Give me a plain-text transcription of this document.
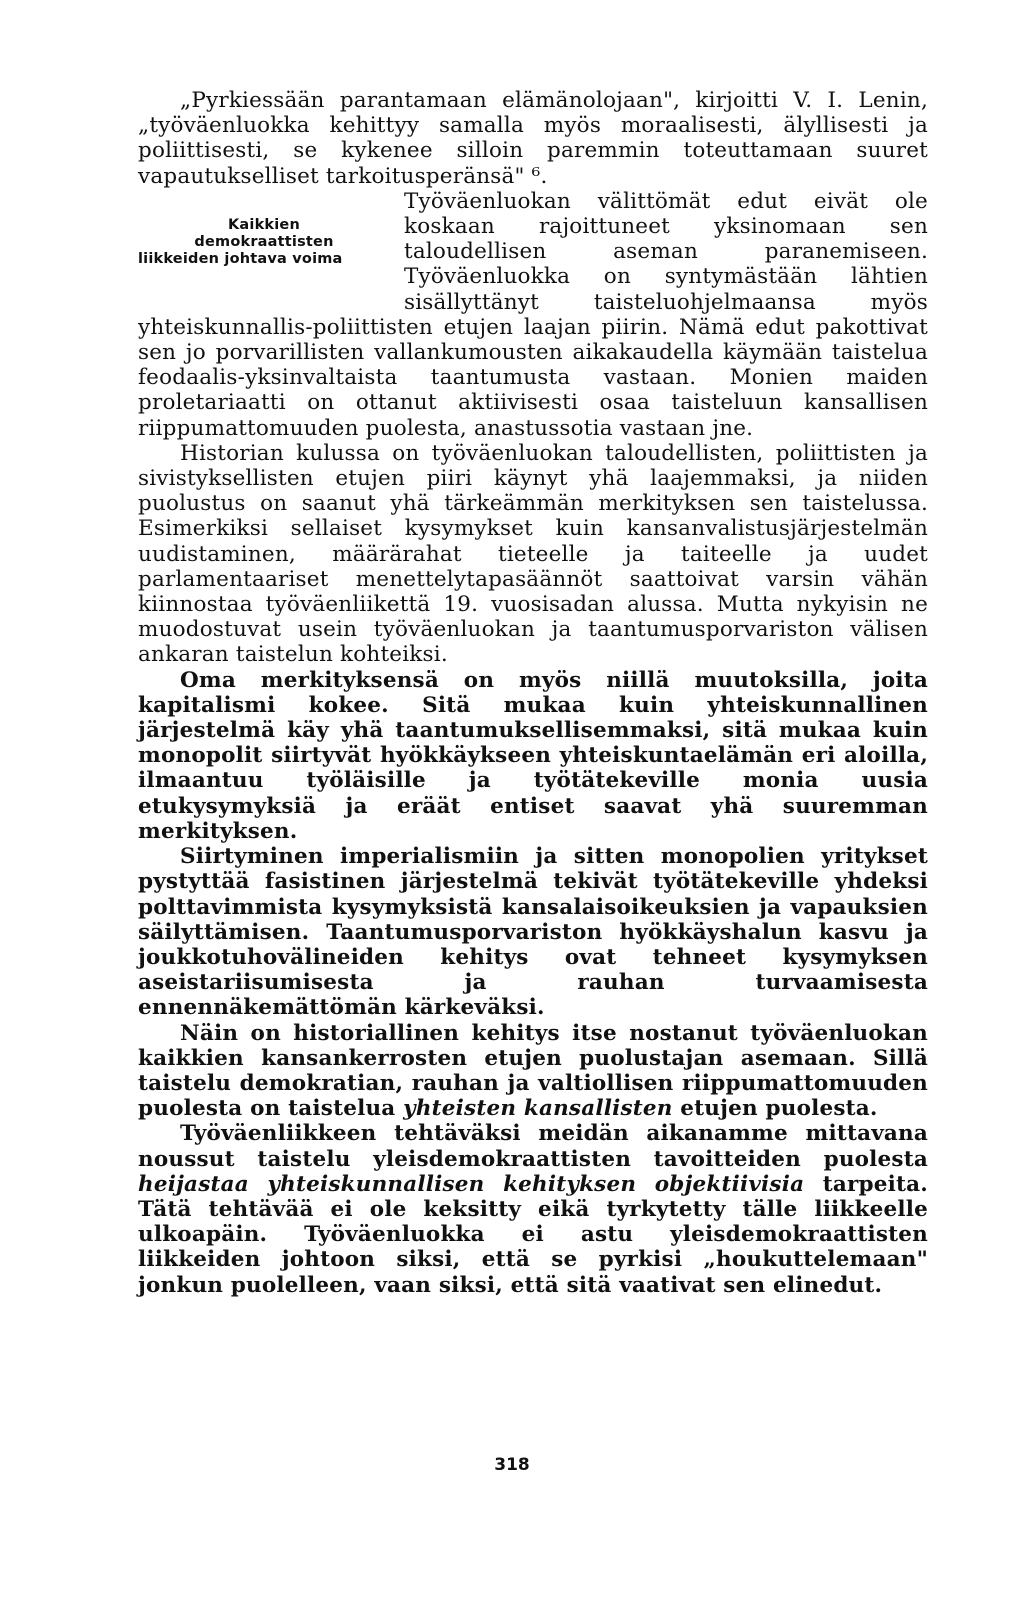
„Pyrkiessään parantamaan elämänolojaan", kirjoitti V. I. Lenin, „työväenluokka kehittyy samalla myös moraalisesti, älyllisesti ja poliittisesti, se kykenee silloin paremmin toteuttamaan suuret vapautukselliset tarkoitusperänsä" ⁶.

Kaikkien
demokraattisten
liikkeiden johtava voima
Työväenluokan välittömät edut eivät ole koskaan rajoittuneet yksinomaan sen taloudellisen aseman paranemiseen. Työväenluokka on syntymästään lähtien sisällyttänyt taisteluohjelmaansa myös yhteiskunnallis-poliittisten etujen laajan piirin. Nämä edut pakottivat sen jo porvarillisten vallankumousten aikakaudella käymään taistelua feodaalis-yksinvaltaista taantumusta vastaan. Monien maiden proletariaatti on ottanut aktiivisesti osaa taisteluun kansallisen riippumattomuuden puolesta, anastussotia vastaan jne.

Historian kulussa on työväenluokan taloudellisten, poliittisten ja sivistyksellisten etujen piiri käynyt yhä laajemmaksi, ja niiden puolustus on saanut yhä tärkeämmän merkityksen sen taistelussa. Esimerkiksi sellaiset kysymykset kuin kansanvalistusjärjestelmän uudistaminen, määrärahat tieteelle ja taiteelle ja uudet parlamentaariset menettelytapasäännöt saattoivat varsin vähän kiinnostaa työväenliikettä 19. vuosisadan alussa. Mutta nykyisin ne muodostuvat usein työväenluokan ja taantumusporvariston välisen ankaran taistelun kohteiksi.

Oma merkityksensä on myös niillä muutoksilla, joita kapitalismi kokee. Sitä mukaa kuin yhteiskunnallinen järjestelmä käy yhä taantumuksellisemmaksi, sitä mukaa kuin monopolit siirtyvät hyökkäykseen yhteiskuntaelämän eri aloilla, ilmaantuu työläisille ja työtätekeville monia uusia etukysymyksiä ja eräät entiset saavat yhä suuremman merkityksen.

Siirtyminen imperialismiin ja sitten monopolien yritykset pystyttää fasistinen järjestelmä tekivät työtätekeville yhdeksi polttavimmista kysymyksistä kansalaisoikeuksien ja vapauksien säilyttämisen. Taantumusporvariston hyökkäyshalun kasvu ja joukkotuhovälineiden kehitys ovat tehneet kysymyksen aseistariisumisesta ja rauhan turvaamisesta ennennäkemättömän kärkeväksi.

Näin on historiallinen kehitys itse nostanut työväenluokan kaikkien kansankerrosten etujen puolustajan asemaan. Sillä taistelu demokratian, rauhan ja valtiollisen riippumattomuuden puolesta on taistelua yhteisten kansallisten etujen puolesta.

Työväenliikkeen tehtäväksi meidän aikanamme mittavana noussut taistelu yleisdemokraattisten tavoitteiden puolesta heijastaa yhteiskunnallisen kehityksen objektiivisia tarpeita. Tätä tehtävää ei ole keksitty eikä tyrkytetty tälle liikkeelle ulkoapäin. Työväenluokka ei astu yleisdemokraattisten liikkeiden johtoon siksi, että se pyrkisi „houkuttelemaan" jonkun puolelleen, vaan siksi, että sitä vaativat sen elinedut.

318
